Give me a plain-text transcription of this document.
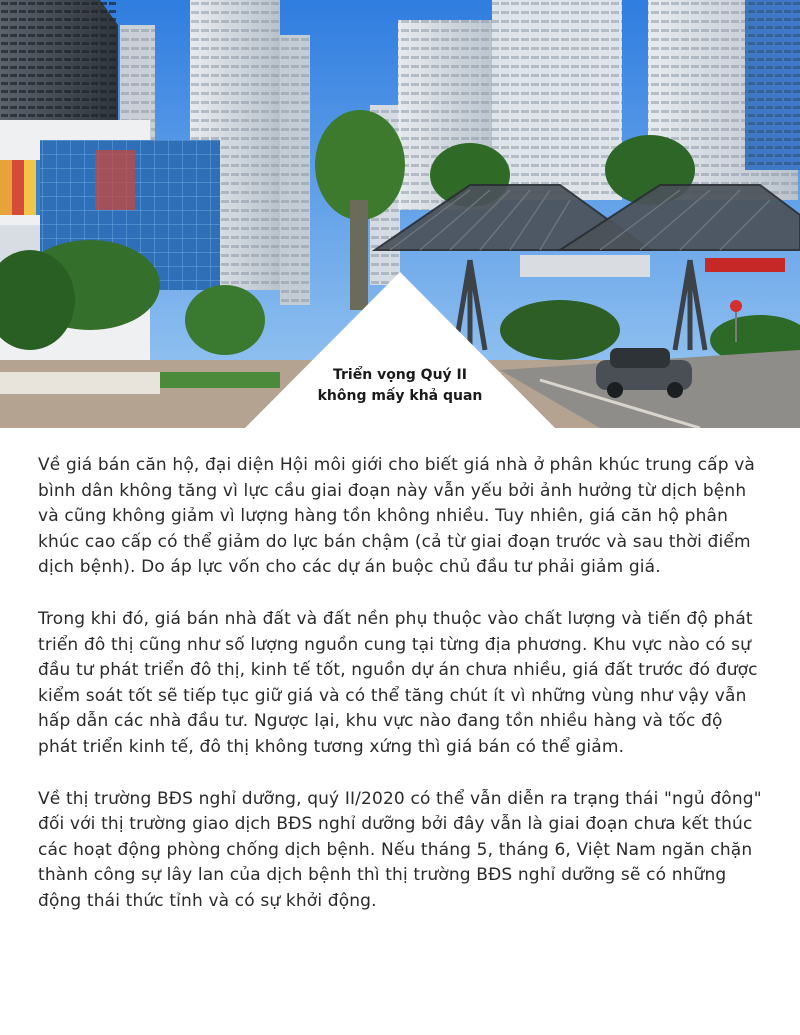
Triển vọng Quý II
không mấy khả quan

Về giá bán căn hộ, đại diện Hội môi giới cho biết giá nhà ở phân khúc trung cấp và bình dân không tăng vì lực cầu giai đoạn này vẫn yếu bởi ảnh hưởng từ dịch bệnh và cũng không giảm vì lượng hàng tồn không nhiều. Tuy nhiên, giá căn hộ phân khúc cao cấp có thể giảm do lực bán chậm (cả từ giai đoạn trước và sau thời điểm dịch bệnh). Do áp lực vốn cho các dự án buộc chủ đầu tư phải giảm giá.

Trong khi đó, giá bán nhà đất và đất nền phụ thuộc vào chất lượng và tiến độ phát triển đô thị cũng như số lượng nguồn cung tại từng địa phương. Khu vực nào có sự đầu tư phát triển đô thị, kinh tế tốt, nguồn dự án chưa nhiều, giá đất trước đó được kiểm soát tốt sẽ tiếp tục giữ giá và có thể tăng chút ít vì những vùng như vậy vẫn hấp dẫn các nhà đầu tư. Ngược lại, khu vực nào đang tồn nhiều hàng và tốc độ phát triển kinh tế, đô thị không tương xứng thì giá bán có thể giảm.

Về thị trường BĐS nghỉ dưỡng, quý II/2020 có thể vẫn diễn ra trạng thái "ngủ đông" đối với thị trường giao dịch BĐS nghỉ dưỡng bởi đây vẫn là giai đoạn chưa kết thúc các hoạt động phòng chống dịch bệnh. Nếu tháng 5, tháng 6, Việt Nam ngăn chặn thành công sự lây lan của dịch bệnh thì thị trường BĐS nghỉ dưỡng sẽ có những động thái thức tỉnh và có sự khởi động.
